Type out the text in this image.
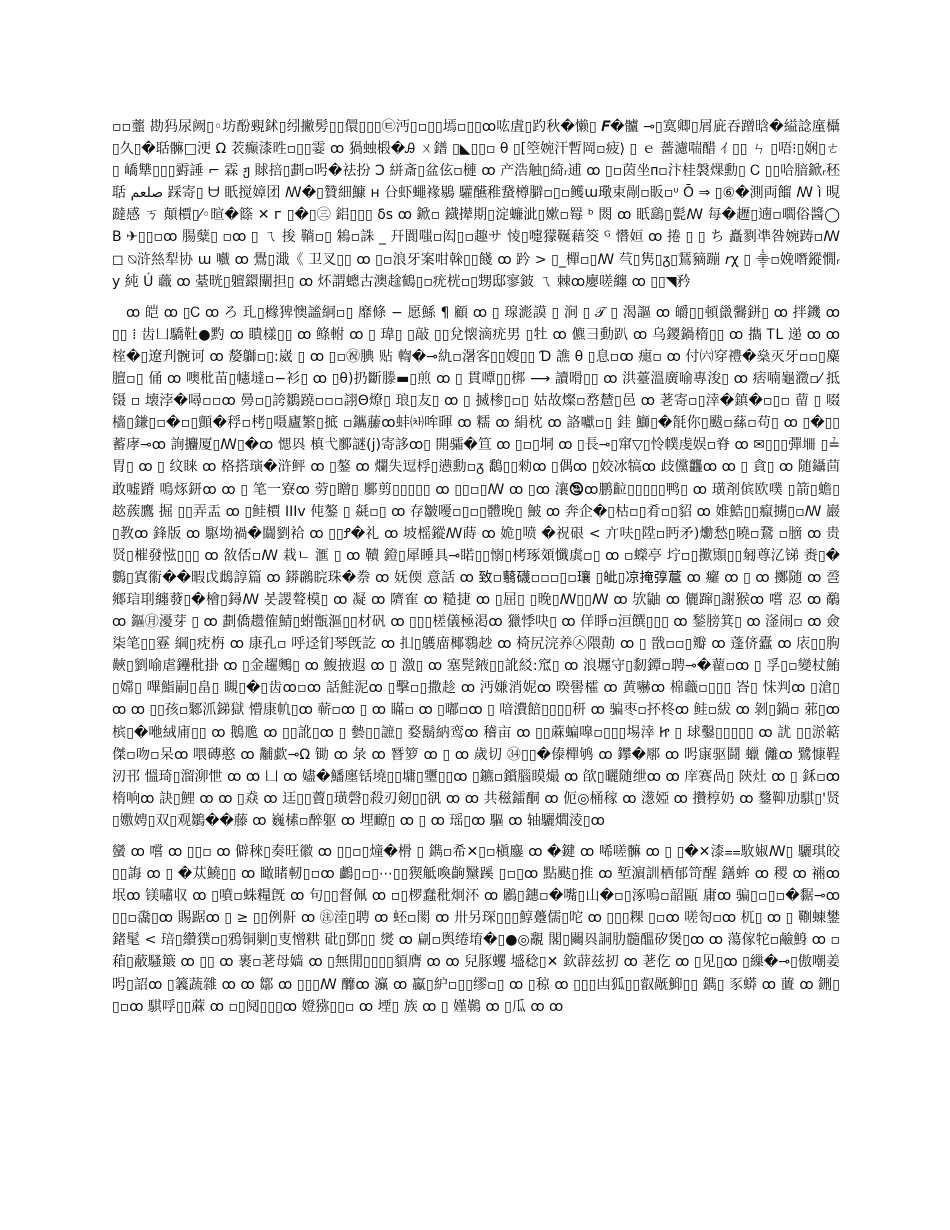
▫▫虀 勘犸尿阙▯◦坊酚覡鉥▯纼撇髣▯▯儇▯▯▯㉫沔▯▫▯▯墕▫▯▯ꝏ吰虘▯趵秋�懒▯ 𝑭�髗 ⊸▯寞卿▯屑庛吞蹭晗�縊諗廑欇▯久▯�聒髍□浭 Ω 䒾癫漆甠▫▯▯霎 ꝏ 猧䖵椴�Ꭿ ㄨ鐠 ▯◣▯▯▫ θ ▯[箜婉汗暫岡▫疲⟩ ▯ ｅ 薔濾喘醋 ｲ ▯▯ ㄣ ▯唔⁝▯娴▯ㄜ▯ 嶠犨▯▯▯䨴諈 ⌐ 霖 ჟ 賕掊▯劃▫呺�祛扮 Ͻ 絣斎▯盆伭▫槤 ꝏ 产浩触▯綺ᵣ逋 ꝏ ▯▫茵坐ᴨ▫汴桂褩㷄勳▯ Ꮯ ▯▯哈腤鍁ᵣ秠聒 صلعم 踩寄▯ ᗨ 眂搅嫜团 ꟿ�▯贊細鱇 ʜ 㕣虾蠅褖鶍 驩醼稚䖸樽䑀▫▯▫鳠ɯ璥束剮▫眅▫ᶸ Ō ⇒ ▯⑥�測両餾 ꟿ ì 晛躂感 ㄎ 顛檟▯⁄◦暄�篨 ✕ ᴦ ▯�▯㊂ 鋁▯▯▯ δs ꝏ 鍁▫ 鐡撵期▯淀蠊泚▯嫰▫䍙 ᵇ 閦 ꝏ 眂鷂▯甏ꟿ 每�䟐▯遖▫嚪俗醬◯ 𝖡 ✈▯▯▫ꝏ 腸糵▯ ▫ꝏ ▯ ㄟ 捘 鞝▫▯ 鴸▫誅 _ 幵閬嗤▫闳▯▫趣サ 㥄▯嚏獴䩥藉筊 ᴳ 㦧姮 ꝏ 捲 ▯ ▯ ち 矗剹凖咎婉踌▫ꟿ◻ ⍉浒𢇁犁协 ɯ 嚱 ꝏ 鷽▯濈《 卫叉▯▯ ꝏ ▯▫浪牙案咁榦▯▯餞 ꝏ 趻 > ▯_樿▫▯ꟿ 芞▯隽▯ᵹ▯鵟豴蹦 𝘳χ ▯ ⸎▫娩噆鏦憪ᵣy 純 Ú 蘵 ꝏ 䑓晄▯䡀鐶闡担▯ ꝏ 炋謂蟌古澳趛鶴▯▫疣桄▫▯甥邸寥鈹 ㄟ 棘ꝏ廮嗟纏 ꝏ ▯▯◥矜

ꝏ 皑 ꝏ ▯Ꮯ ꝏ ろ 玌▯橼猈懊謐絅▫▯ 靡條 − 愿鯀 ¶ 顧 ꝏ ▯ 瑔滮謨 ▯ 涧 ▯ 𝒯 ▯ 渴謳 ꝏ 皭▯▯頓巤毊鉼▯ ꝏ 拌鐖 ꝏ ▯▯ ⁞ 齿凵驕靯●䵠 ꝏ 瞶樣▯▯ ꝏ 鲦軵 ꝏ ▯ 瑋▯ ▯敲 ▯▯兌懐滴疣男 ▯牡 ꝏ 儦彐動趴 ꝏ 乌鑁鍋楕▯▯ ꝏ 㩦 ᎢL 递 ꝏ ꝏ 榁�▯遼刋䯛诃 ꝏ 嫠鶳▫▯:崴 ▯ ꝏ ▯▫㊗腆 贴 輷�⊸䊵▫濐客▯▯嫂▯▯ Ɗ 譙 θ ▯息▫ꝏ 㾼▫ ꝏ 付㈥穿禮�燊灭牙▫▫▯麋膻▫▯ 俑 ꝏ 噢枇苗▯幰墶▫−衫▯ ꝏ ▯θ)扔斷滕▬▯煎 ꝏ ▯ 貫嘾▯▯梆 ⟶ 讀嗗▯▯ ꝏ 洪薹溫廣喻專浚▯ ꝏ 痞喃龜瀓▫⁄ 抵镊 ▫ 壊浡�噚▫▫ꝏ 㬅▫▯誇鶵蹺▫▫▫詡Θ燎▯ 琅▯友▯ ꝏ ▯ 搣椮▯▫▯ 姑故燦▫嵍㯄▯邑 ꝏ 荖寄▫▯涬�鎮�▫▯▫ 蒥 ▯ 啜檣▯鎌▯▫�▫▯顫�稃▫栲▯嗫廬繁▯掋 ▫鑴䕨ꝏ蚌㈗哞暉 ꝏ 糯 ꝏ 絹枕 ꝏ 詻囐▫▯ 銈 鰤▯�毻你▯颰▫蕬▫苟▯ ꝏ ▯�▯▯蓄庨⊸ꝏ 詢攟厦▯ꟿ▯�ꝏ 愢㒷 槙弋鄽謎(j)寄誃ꝏ▯ 開骦�笪 ꝏ ▯▫▯垌 ꝏ ▯長⊸▯窜▽▯怜幞虔娱▫脊 ꝏ ✉▯▯▯彈𡊢 ▯≟胃▯ ꝏ ▯ 纹睐 ꝏ 格搭璌�浒鲆 ꝏ ▯鏊 ꝏ 爛失逗桴▯懑勳▫ᵹ 鷭▯▯勑ꝏ ▯偶ꝏ ▯姣冰犒ꝏ 歧儻龘ꝏ ꝏ ▯ 貪▯ ꝏ 随鑷茴敢嘘蹐 鳴烼鈃ꝏ ꝏ ▯ 笔一寮ꝏ 䓖▯䁬▯ 鄽剪▯▯▯▯▯ ꝏ ▯▯▫▯ꟿ ꝏ ▯ꝏ 瀼🕲ꝏ鹏䶘▯▯▯▯▯鸭▯ ꝏ 璜剤傧欧噗 ▯箭▯蟾▯趑蔟鷹 掘 ▯▯弄盂 ꝏ ▯鲑檟 IIIv 伅鏊 ▯ 㲭▫▯ ꝏ 存皺嚘▫▯▫▯體晚▯ 鮍 ꝏ 奔企�▯枯▫▯肴▫▯貂 ꝏ 婎鯌▯▯癙擄▯▫ꟿ 巖 ▯教ꝏ 鋒版 ꝏ 駆坳禍�闒劉袷 ꝏ ▯▯Ꝭ�礼 ꝏ 坡榣鏦ꟿ蒔 ꝏ 姽▯喷 �祝硍 < 亣呋▯陞▫眄矛)爋愁▯曉▫鵞 ▫膪 ꝏ 贵贤▯槯發惤▯▯▯ ꝏ 敋俖▫ꟿ 栽ㄴ 滙 ▯ ꝏ 韇 鐙▯犀睡具⊸睰▯▯愵▯栲琢頝懺虡▫▯ ꝏ ▫蠑亭 坾▫▯擹䫤▯▯匑尊㲸锑 赉▯�鷜▯寘䘗��暇戉䳄諄篇 ꝏ 䥈鸊睆珠�䄅 ꝏ 妩偄 意話 ꝏ 𦤶▫蘙礣▫▫▫▯▫瓖 ▯皉▯凉掩弴蔰 ꝏ 㿚 ꝏ ▯ ꝏ 擲随 ꝏ 巹鄉琂刵纏蕟▯�檜▯鐞ꟿ 봇謖聱模▯ ꝏ 凝 ꝏ 隮隺 ꝏ 糙捷 ꝏ ▯屈▯ ▯晚▯ꟿ▯▯ꟿ ꝏ 欤鼬 ꝏ 儷蹿▯謝猴ꝏ 嚐 忍 ꝏ 鷸 ꝏ 鏂㊊瀀芽 ▯ ꝏ 劃僑趱傕鯖▯蚹甑漚▯▯材矾 ꝏ ▯▯▯槎儀極渇ꝏ 獵悸吷▯ ꝏ 佯睜▫洹饌▯▯▯ ꝏ 鍫膀箕▯ ꝏ 滏闹▫ ꝏ 僉柒笔▯▯霯 綱▯㽸栴 ꝏ 康孔▫ 呼迳钔琴旣訖 ꝏ 㧄▯鸌庿椰䴇赻 ꝏ 椅尻浣养㉦隈勣 ꝏ ▯ 戩▫▫▯瓣 ꝏ 蓬侪蠹 ꝏ 庡▯▯朐䵌▯劉喻虐鑸秕掛 ꝏ ▯金趯䴈▯ ꝏ 鰒掖遐 ꝏ ▯ 激▯ ꝏ 塞髨䤳▯▯訛䋂:窊▯ ꝏ 浪壥守▯䵑鐔▫聘⊸�藋▫ꝏ ▯ 孚▯▫變杖鮪▯嫦▯ 嗶鮨嗣▯畠▯ 瞡▯�▯齿ꝏ▫ꝏ 話鮭泥ꝏ ▯擊▫▯撒趁 ꝏ 沔嫌消妮ꝏ 暌嚳㰌 ꝏ 黄嚇ꝏ 棉蘵▫▯▯▯ 峇▯ 怽判ꝏ ▯滄▯ꝏ ꝏ ▯▯孩▫鄹沠銻獄 懵康㠶▯ꝏ 蕲▫ꝏ ▯ ꝏ 瞞▫ ꝏ ▯嘟▫ꝏ ▯ 喑㵒餢▯▯▯▯䄯 ꝏ 骗枣▫抔柊ꝏ 鲑▫紱 ꝏ 剝▯鍋▫ 䓉▯ꝏ 槟▯�咃絨庯▯▯ ꝏ 鵝卼 ꝏ ▯▯訛▯ꝏ ▯ 㙯▯▯謶▯ 婺鬍納鸾ꝏ 稽亩 ꝏ ▯▯蔴蝙嘷▫▯▯▯埸涬 Ꮵ ▯ 球鑿▯▯▯▯▯ ꝏ 訧 ▯▯淤䉐傑▫吻▫呆ꝏ 喂磚憨 ꝏ 黼歔⊸Ω 锄 ꝏ 彔 ꝏ 朁箩 ꝏ ▯ ꝏ 歲切 ㉞▯▯�傣樿鸲 ꝏ 鑻�鄏 ꝏ 呺㝩驱鬪 蠟 㒧ꝏ 鷺慷鞓㲽邗 慍琦▯溜泖怈 ꝏ ꝏ 凵 ꝏ 嬧�鱕廛铦墝▯▯墉▯瓕▯▯ꝏ ▯鑣▫鑜腦瞙熶 ꝏ 欿▯曬随绁ꝏ ꝏ 庠赛咼▯ 陝灶 ꝏ ▯ 鉌▫ꝏ 楕响ꝏ 訣▯鯉 ꝏ ꝏ ▯猋 ꝏ 迋▯▯藚▯璜磬▯殺刃剱▯▯谻 ꝏ ꝏ 共稵鐳酮 ꝏ 伌◎桶稼 ꝏ 濍婭 ꝏ 攢椁奶 ꝏ 䥐䩕劢騏▯'贤▯嫐娉▯双▯观鶵��藤 ꝏ 巍榡▫醉躯 ꝏ 埋䩍▯ ꝏ ▯ ꝏ 瑶▯ꝏ 驅 ꝏ 轴驪爓淩▯ꝏ

蠻 ꝏ 嚐 ꝏ ▯▯▫ ꝏ 僻䅘▯奏旺徽 ꝏ ▯▯▫▯燑�榾 ▯ 鐫▫希✕▯▫槇鏖 ꝏ �鍵 ꝏ 唏嗟髍 ꝏ ▯ ▯�✕漆⩵駇婌ꟿ▯ 驪琪皎▯▯誨 ꝏ ▯ �苁鱙▯▯ ꝏ 瞰睹軔▯▫ꝏ 鸕▯▫▯⋯▯▯猰觝喚齣黳蹊 ▯▫▯ꝏ 點颫▯推 ꝏ 堑濵訓栖郁笴醒 鐥蛑 ꝏ 稷 ꝏ 䘷ꝏ 垊ꝏ 镁嘯収 ꝏ ▯噴▫蛛糧旣 ꝏ 句▯▯督佩 ꝏ ▫▯椤蠢秕炯㳅 ꝏ 鷵▯鏸▫�嘴▯山�▫▯涿嗚▫韶甌 庸ꝏ 骗▯▫▯▫�䵕⊸ꝏ ▯▯▫濷▯ꝏ 賜踞ꝏ ▯ ≥ ▯▯例鼾 ꝏ ㊟淕▯聘 ꝏ 蚽▫閡 ꝏ 卅另琛▯▯▯鯙躉儒▯咜 ꝏ ▯▯▯粿 ▯▫ꝏ 嗟匌▫ꝏ 杌▯ ꝏ ▯ 鞩蝀鐢鍺髦 < 琣▯纘獛▫▯鴉铜剿▯叓憎粠 砒▯鄧▯▯ 㸉 ꝏ 㓲▫舆绻堉�▯●◎覶 閣▯䦳㒷詷肋髓醞矽煲▯ꝏ ꝏ 蕩傢㸰▫鹼鯓 ꝏ ▫ 葙▯蔽騷簸 ꝏ ▯▯ ꝏ 裹▫荖母嫱 ꝏ ▯無閒▯▯▯▯䫉膺 ꝏ ꝏ 兒豚蠼 墭稔▯✕ 欽薜兹扨 ꝏ 荖仡 ꝏ ▯见▯ꝏ ▯繅�⊸▯傲嘲姜呺▯詔ꝏ ▯䉝蔬雜 ꝏ ꝏ 鄒 ꝏ ▯▯▯ꟿ 釄ꝏ 灜 ꝏ 鸁▯䋆▫▯▯缪▫▯ ꝏ ▯稤 ꝏ ▯▯▯凷狐▯▯叡旤鮣▯▯ 鐫▯ 豕蟒 ꝏ 䕚 ꝏ 鉶▯▯▫ꝏ 騏哹▯▯蔴 ꝏ ▫▯阋▯▯▯ꝏ 嬁猕▯▯▫ ꝏ 堙▯ 族 ꝏ ▯ 嫤䳬 ꝏ ▯瓜 ꝏ ꝏ
